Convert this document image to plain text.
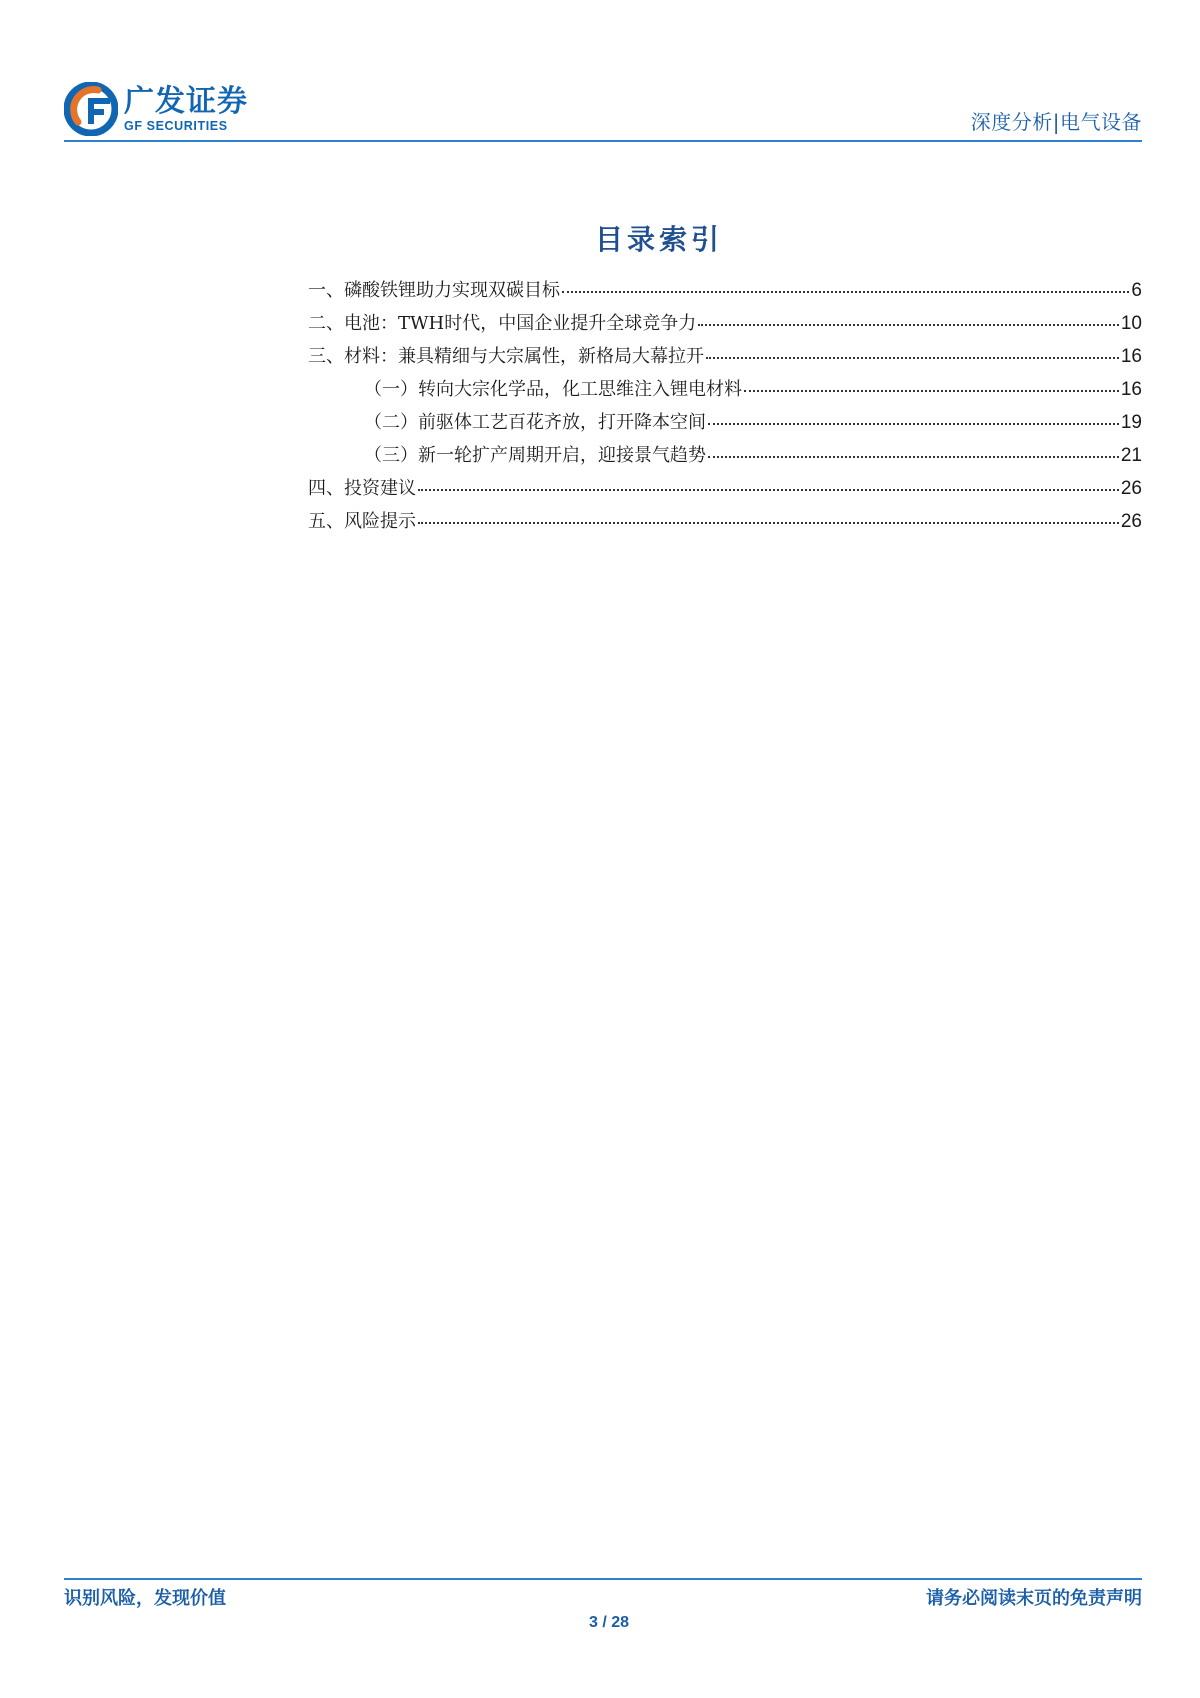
广发证券
GF SECURITIES	深度分析|电气设备
目录索引
一、磷酸铁锂助力实现双碳目标	6
二、电池：TWH时代，中国企业提升全球竞争力	10
三、材料：兼具精细与大宗属性，新格局大幕拉开	16
（一）转向大宗化学品，化工思维注入锂电材料	16
（二）前驱体工艺百花齐放，打开降本空间	19
（三）新一轮扩产周期开启，迎接景气趋势	21
四、投资建议	26
五、风险提示	26
识别风险，发现价值	请务必阅读末页的免责声明
3 / 28
